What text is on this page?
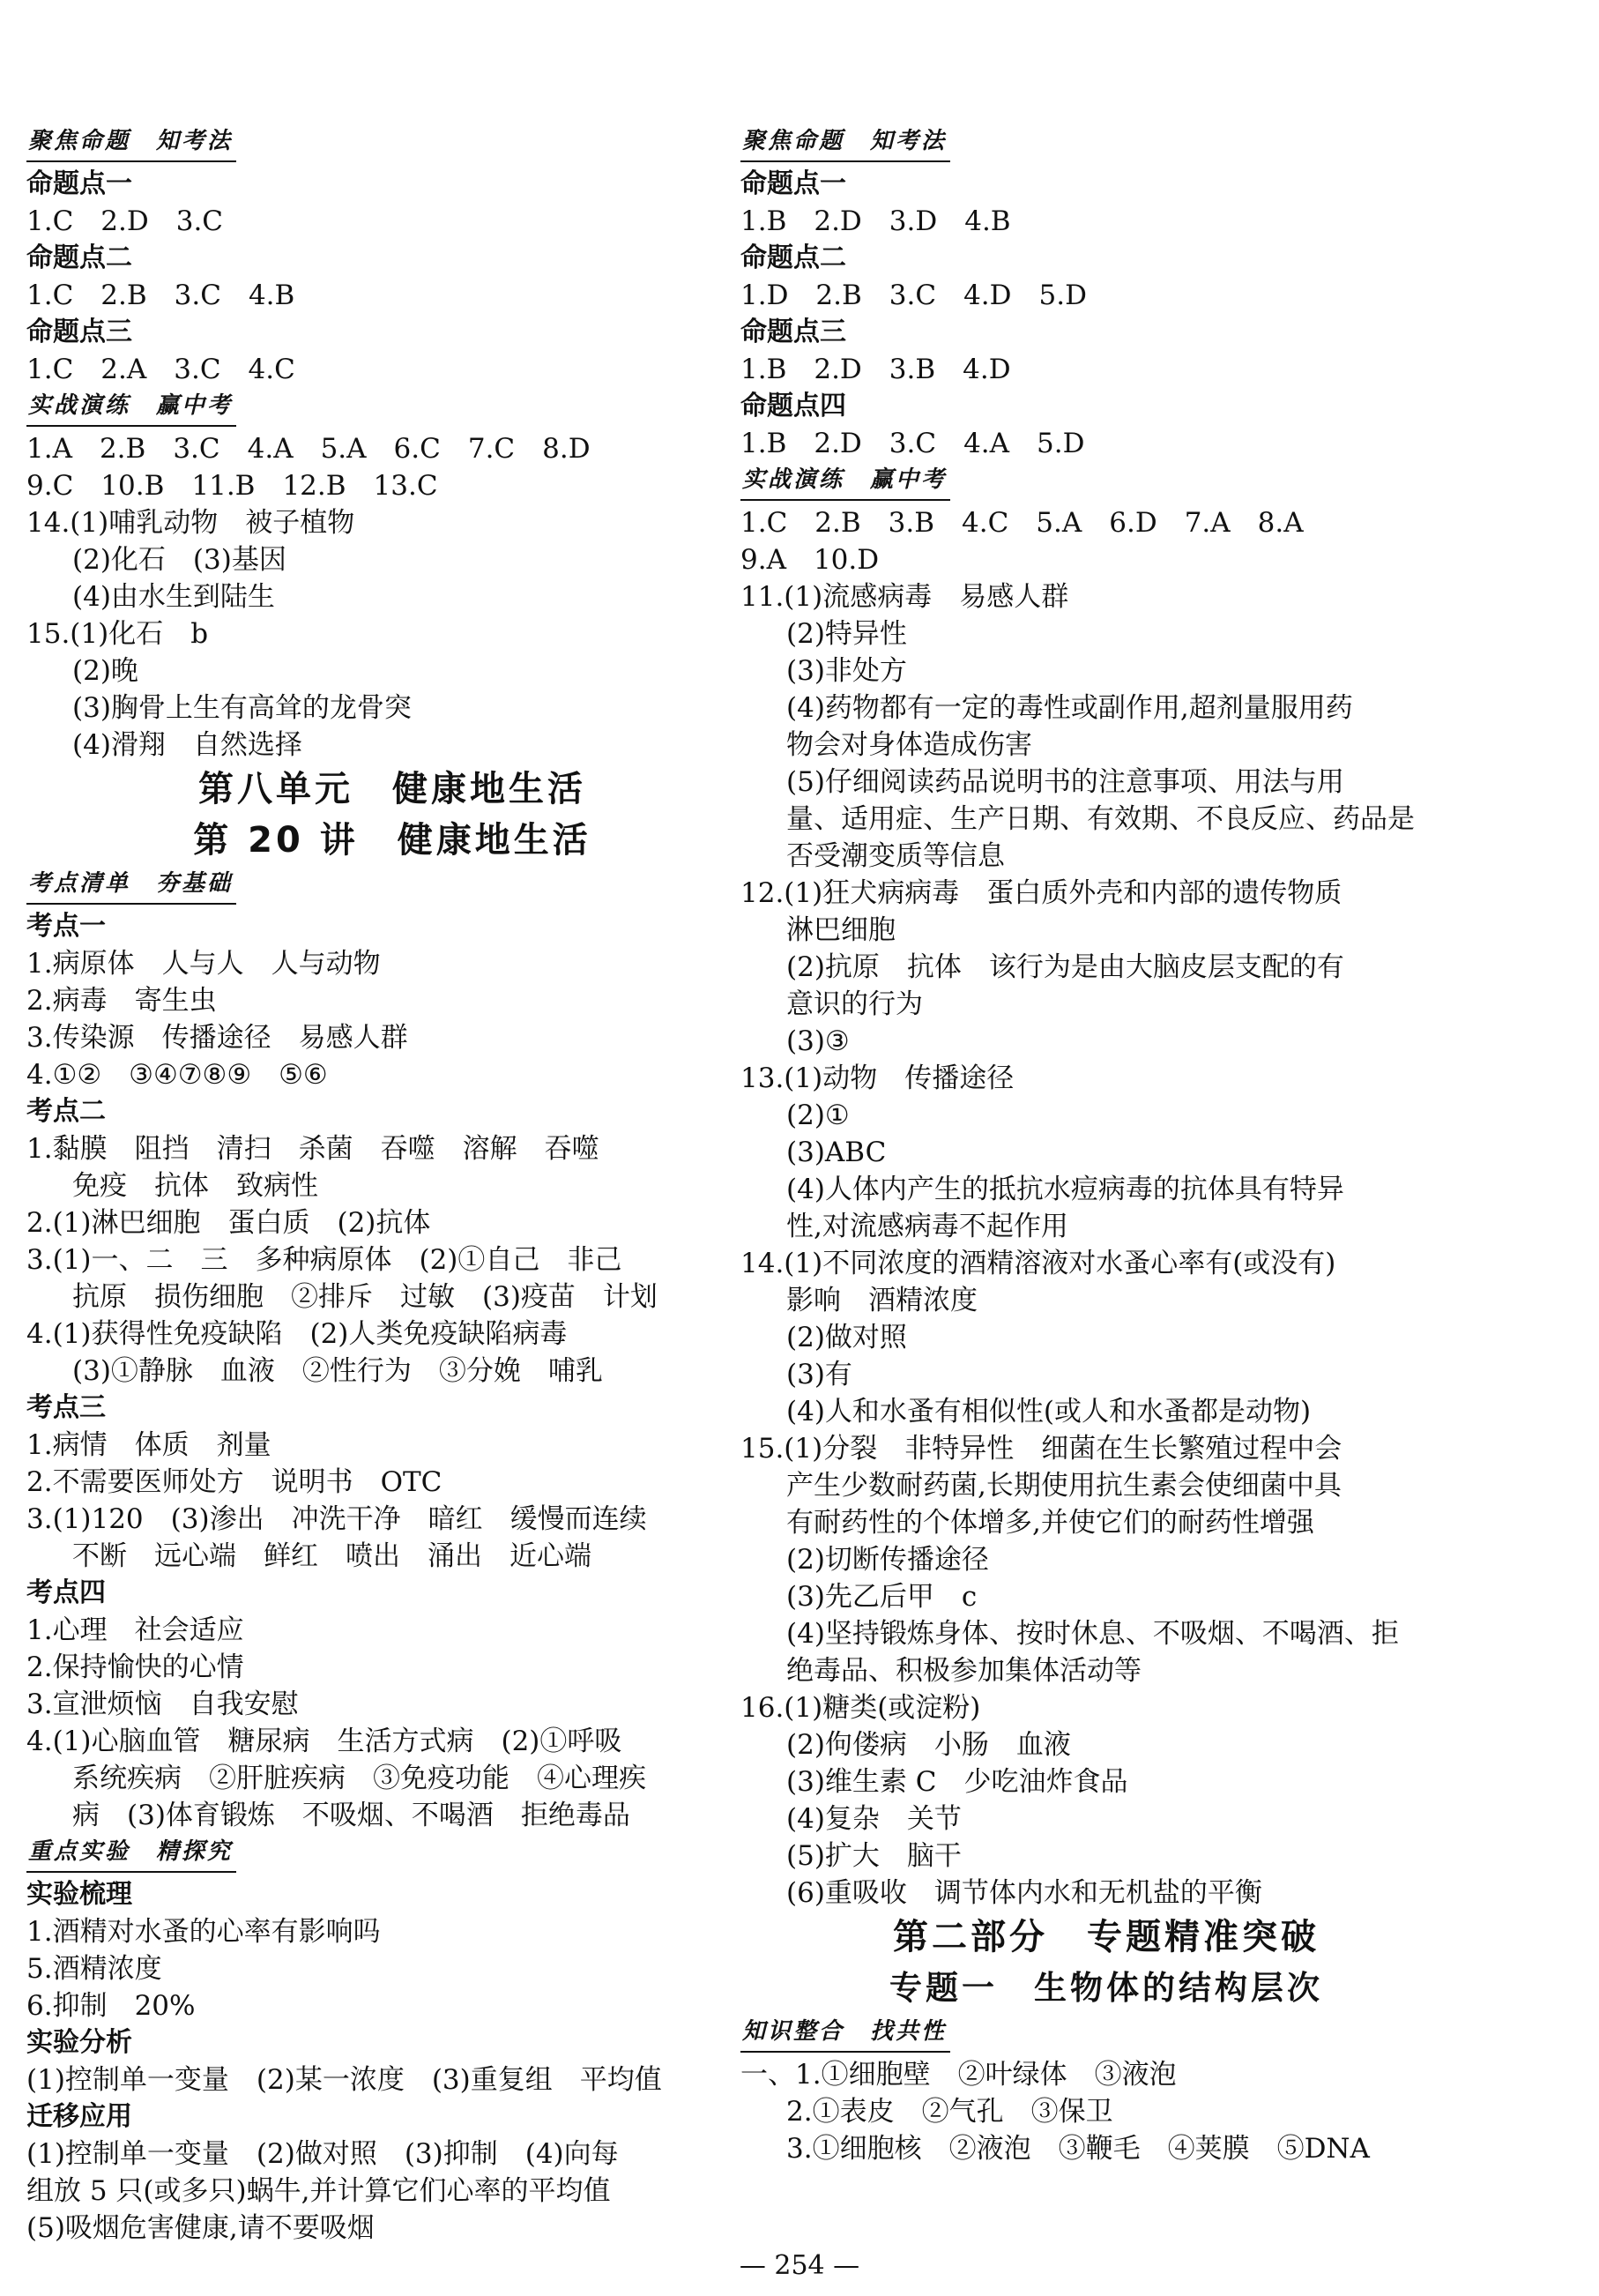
聚焦命题　知考法
命题点一
1.C　2.D　3.C
命题点二
1.C　2.B　3.C　4.B
命题点三
1.C　2.A　3.C　4.C
实战演练　赢中考
1.A　2.B　3.C　4.A　5.A　6.C　7.C　8.D
9.C　10.B　11.B　12.B　13.C
14.(1)哺乳动物　被子植物
(2)化石　(3)基因
(4)由水生到陆生
15.(1)化石　b
(2)晚
(3)胸骨上生有高耸的龙骨突
(4)滑翔　自然选择
第八单元　健康地生活
第 20 讲　健康地生活
考点清单　夯基础
考点一
1.病原体　人与人　人与动物
2.病毒　寄生虫
3.传染源　传播途径　易感人群
4.①②　③④⑦⑧⑨　⑤⑥
考点二
1.黏膜　阻挡　清扫　杀菌　吞噬　溶解　吞噬
免疫　抗体　致病性
2.(1)淋巴细胞　蛋白质　(2)抗体
3.(1)一、二　三　多种病原体　(2)①自己　非己
抗原　损伤细胞　②排斥　过敏　(3)疫苗　计划
4.(1)获得性免疫缺陷　(2)人类免疫缺陷病毒
(3)①静脉　血液　②性行为　③分娩　哺乳
考点三
1.病情　体质　剂量
2.不需要医师处方　说明书　OTC
3.(1)120　(3)渗出　冲洗干净　暗红　缓慢而连续
不断　远心端　鲜红　喷出　涌出　近心端
考点四
1.心理　社会适应
2.保持愉快的心情
3.宣泄烦恼　自我安慰
4.(1)心脑血管　糖尿病　生活方式病　(2)①呼吸
系统疾病　②肝脏疾病　③免疫功能　④心理疾
病　(3)体育锻炼　不吸烟、不喝酒　拒绝毒品
重点实验　精探究
实验梳理
1.酒精对水蚤的心率有影响吗
5.酒精浓度
6.抑制　20%
实验分析
(1)控制单一变量　(2)某一浓度　(3)重复组　平均值
迁移应用
(1)控制单一变量　(2)做对照　(3)抑制　(4)向每
组放 5 只(或多只)蜗牛,并计算它们心率的平均值
(5)吸烟危害健康,请不要吸烟
聚焦命题　知考法
命题点一
1.B　2.D　3.D　4.B
命题点二
1.D　2.B　3.C　4.D　5.D
命题点三
1.B　2.D　3.B　4.D
命题点四
1.B　2.D　3.C　4.A　5.D
实战演练　赢中考
1.C　2.B　3.B　4.C　5.A　6.D　7.A　8.A
9.A　10.D
11.(1)流感病毒　易感人群
(2)特异性
(3)非处方
(4)药物都有一定的毒性或副作用,超剂量服用药
物会对身体造成伤害
(5)仔细阅读药品说明书的注意事项、用法与用
量、适用症、生产日期、有效期、不良反应、药品是
否受潮变质等信息
12.(1)狂犬病病毒　蛋白质外壳和内部的遗传物质
淋巴细胞
(2)抗原　抗体　该行为是由大脑皮层支配的有
意识的行为
(3)③
13.(1)动物　传播途径
(2)①
(3)ABC
(4)人体内产生的抵抗水痘病毒的抗体具有特异
性,对流感病毒不起作用
14.(1)不同浓度的酒精溶液对水蚤心率有(或没有)
影响　酒精浓度
(2)做对照
(3)有
(4)人和水蚤有相似性(或人和水蚤都是动物)
15.(1)分裂　非特异性　细菌在生长繁殖过程中会
产生少数耐药菌,长期使用抗生素会使细菌中具
有耐药性的个体增多,并使它们的耐药性增强
(2)切断传播途径
(3)先乙后甲　c
(4)坚持锻炼身体、按时休息、不吸烟、不喝酒、拒
绝毒品、积极参加集体活动等
16.(1)糖类(或淀粉)
(2)佝偻病　小肠　血液
(3)维生素 C　少吃油炸食品
(4)复杂　关节
(5)扩大　脑干
(6)重吸收　调节体内水和无机盐的平衡
第二部分　专题精准突破
专题一　生物体的结构层次
知识整合　找共性
一、1.①细胞壁　②叶绿体　③液泡
2.①表皮　②气孔　③保卫
3.①细胞核　②液泡　③鞭毛　④荚膜　⑤DNA
— 254 —
